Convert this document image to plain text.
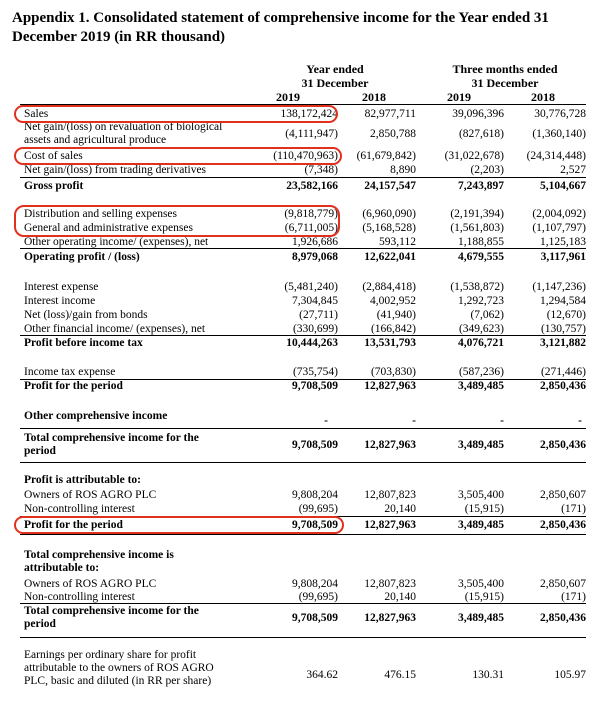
Appendix 1. Consolidated statement of comprehensive income for the Year ended 31 December 2019 (in RR thousand)
Year ended
31 December
Three months ended
31 December
2019	2018	2019	2018
Sales	138,172,424 82,977,711	39,096,396	30,776,728
Net gain/(loss) on revaluation of biological assets and agricultural produce	(4,111,947)	2,850,788	(827,618) (1,360,140)
Cost of sales	(110,470,963) (61,679,842) (31,022,678) (24,314,448)
Net gain/(loss) from trading derivatives	(7,348)	8,890	(2,203)	2,527
Gross profit	23,582,166 24,157,547	7,243,897	5,104,667
Distribution and selling expenses	(9,818,779) (6,960,090)	(2,191,394) (2,004,092)
General and administrative expenses	(6,711,005) (5,168,528)	(1,561,803) (1,107,797)
Other operating income/ (expenses), net	1,926,686	593,112	1,188,855	1,125,183
Operating profit / (loss)	8,979,068 12,622,041	4,679,555	3,117,961
Interest expense	(5,481,240) (2,884,418)	(1,538,872) (1,147,236)
Interest income	7,304,845	4,002,952	1,292,723	1,294,584
Net (loss)/gain from bonds	(27,711)	(41,940)	(7,062)	(12,670)
Other financial income/ (expenses), net	(330,699)	(166,842)	(349,623)	(130,757)
Profit before income tax	10,444,263 13,531,793	4,076,721	3,121,882
Income tax expense	(735,754)	(703,830)	(587,236)	(271,446)
Profit for the period	9,708,509 12,827,963	3,489,485	2,850,436
Other comprehensive income	-	-	-	-
Total comprehensive income for the period	9,708,509 12,827,963	3,489,485	2,850,436
Profit is attributable to:
Owners of ROS AGRO PLC	9,808,204 12,807,823	3,505,400	2,850,607
Non-controlling interest	(99,695)	20,140	(15,915)	(171)
Profit for the period	9,708,509 12,827,963	3,489,485	2,850,436
Total comprehensive income is attributable to:
Owners of ROS AGRO PLC	9,808,204 12,807,823	3,505,400	2,850,607
Non-controlling interest	(99,695)	20,140	(15,915)	(171)
Total comprehensive income for the period	9,708,509 12,827,963	3,489,485	2,850,436
Earnings per ordinary share for profit attributable to the owners of ROS AGRO PLC, basic and diluted (in RR per share)	364.62	476.15	130.31	105.97
